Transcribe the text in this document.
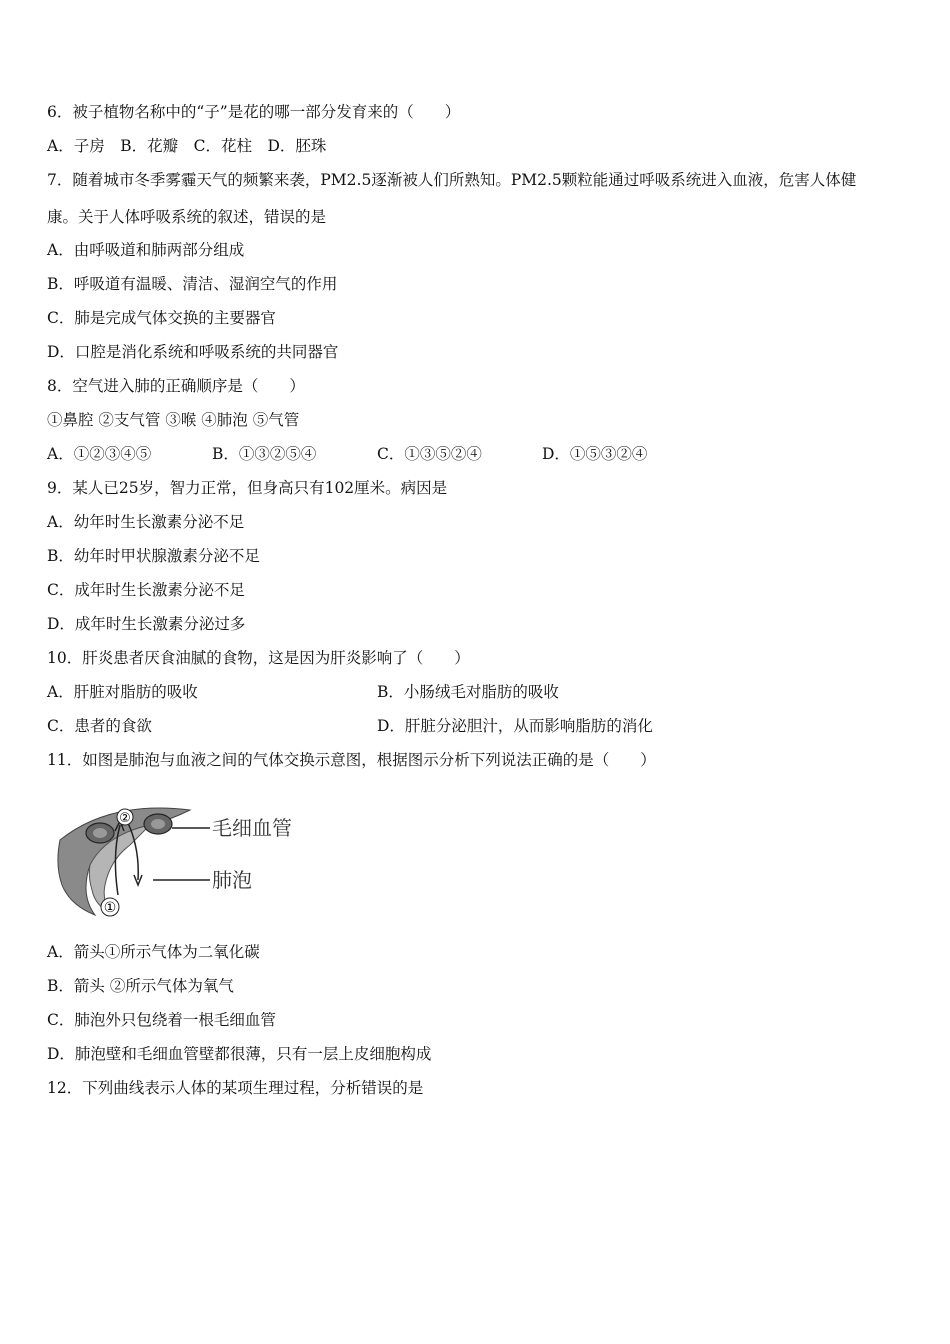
6．被子植物名称中的“子”是花的哪一部分发育来的（　　）
A．子房　B．花瓣　C．花柱　D．胚珠
7．随着城市冬季雾霾天气的频繁来袭，PM2.5逐渐被人们所熟知。PM2.5颗粒能通过呼吸系统进入血液，危害人体健
康。关于人体呼吸系统的叙述，错误的是
A．由呼吸道和肺两部分组成
B．呼吸道有温暖、清洁、湿润空气的作用
C．肺是完成气体交换的主要器官
D．口腔是消化系统和呼吸系统的共同器官
8．空气进入肺的正确顺序是（　　）
①鼻腔 ②支气管 ③喉 ④肺泡 ⑤气管
A．①②③④⑤	B．①③②⑤④	C．①③⑤②④	D．①⑤③②④
9．某人已25岁，智力正常，但身高只有102厘米。病因是
A．幼年时生长激素分泌不足
B．幼年时甲状腺激素分泌不足
C．成年时生长激素分泌不足
D．成年时生长激素分泌过多
10．肝炎患者厌食油腻的食物，这是因为肝炎影响了（　　）
A．肝脏对脂肪的吸收	B．小肠绒毛对脂肪的吸收
C．患者的食欲	D．肝脏分泌胆汁，从而影响脂肪的消化
11．如图是肺泡与血液之间的气体交换示意图，根据图示分析下列说法正确的是（　　）
②
①
毛细血管
肺泡
A．箭头①所示气体为二氧化碳
B．箭头 ②所示气体为氧气
C．肺泡外只包绕着一根毛细血管
D．肺泡壁和毛细血管壁都很薄，只有一层上皮细胞构成
12．下列曲线表示人体的某项生理过程，分析错误的是
